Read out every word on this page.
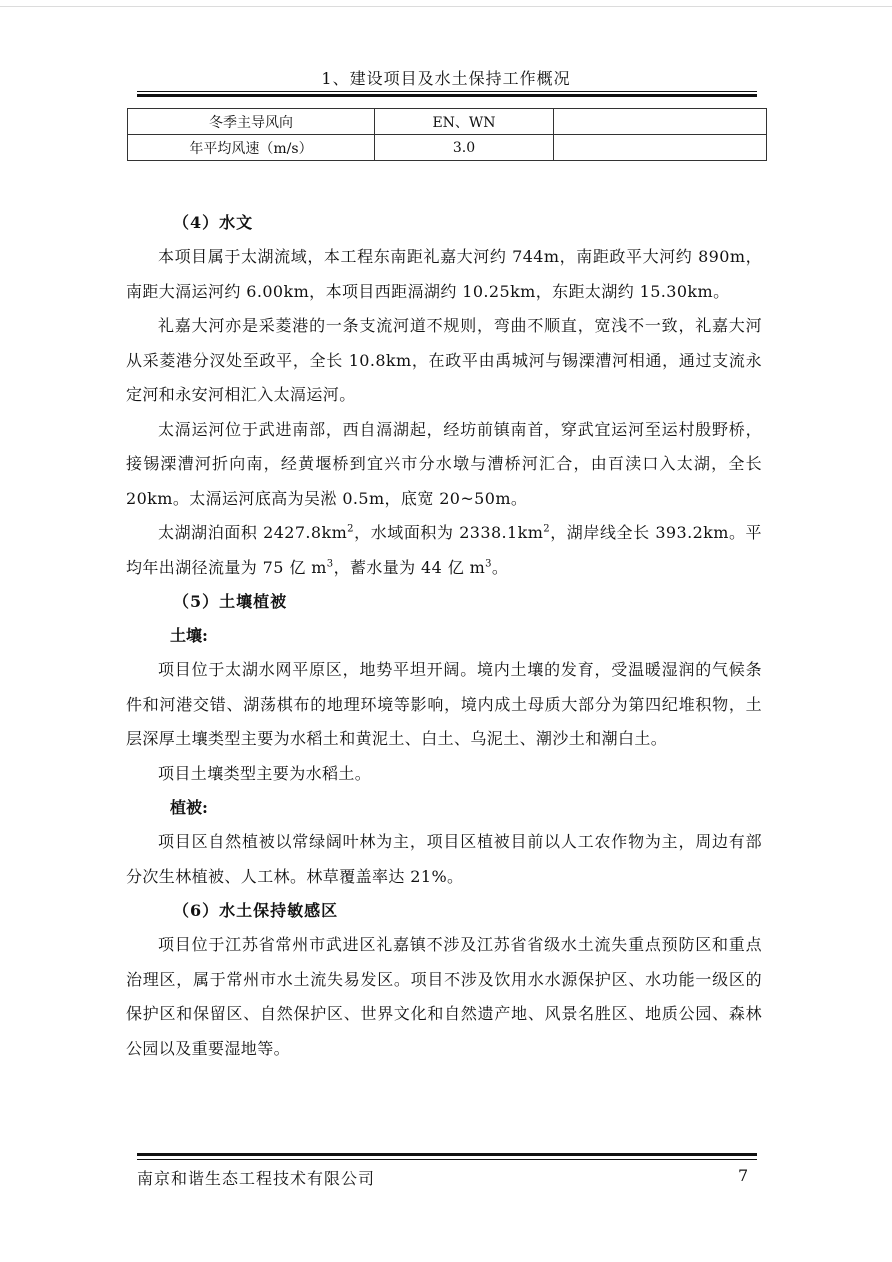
1、建设项目及水土保持工作概况
冬季主导风向	EN、WN	
年平均风速（m/s）	3.0	
（4）水文

本项目属于太湖流域，本工程东南距礼嘉大河约 744m，南距政平大河约 890m，南距大滆运河约 6.00km，本项目西距滆湖约 10.25km，东距太湖约 15.30km。

礼嘉大河亦是采菱港的一条支流河道不规则，弯曲不顺直，宽浅不一致，礼嘉大河从采菱港分汊处至政平，全长 10.8km，在政平由禹城河与锡溧漕河相通，通过支流永定河和永安河相汇入太滆运河。

太滆运河位于武进南部，西自滆湖起，经坊前镇南首，穿武宜运河至运村殷野桥，接锡溧漕河折向南，经黄堰桥到宜兴市分水墩与漕桥河汇合，由百渎口入太湖，全长 20km。太滆运河底高为吴淞 0.5m，底宽 20~50m。

太湖湖泊面积 $2427.8km^2$，水域面积为 $2338.1km^2$，湖岸线全长 393.2km。平均年出湖径流量为 75 亿 $m^3$，蓄水量为 44 亿 $m^3$。

（5）土壤植被
土壤:

项目位于太湖水网平原区，地势平坦开阔。境内土壤的发育，受温暖湿润的气候条件和河港交错、湖荡棋布的地理环境等影响，境内成土母质大部分为第四纪堆积物，土层深厚土壤类型主要为水稻土和黄泥土、白土、乌泥土、潮沙土和潮白土。

项目土壤类型主要为水稻土。

植被:

项目区自然植被以常绿阔叶林为主，项目区植被目前以人工农作物为主，周边有部分次生林植被、人工林。林草覆盖率达 21%。

（6）水土保持敏感区

项目位于江苏省常州市武进区礼嘉镇不涉及江苏省省级水土流失重点预防区和重点治理区，属于常州市水土流失易发区。项目不涉及饮用水水源保护区、水功能一级区的保护区和保留区、自然保护区、世界文化和自然遗产地、风景名胜区、地质公园、森林公园以及重要湿地等。

南京和谐生态工程技术有限公司	7
